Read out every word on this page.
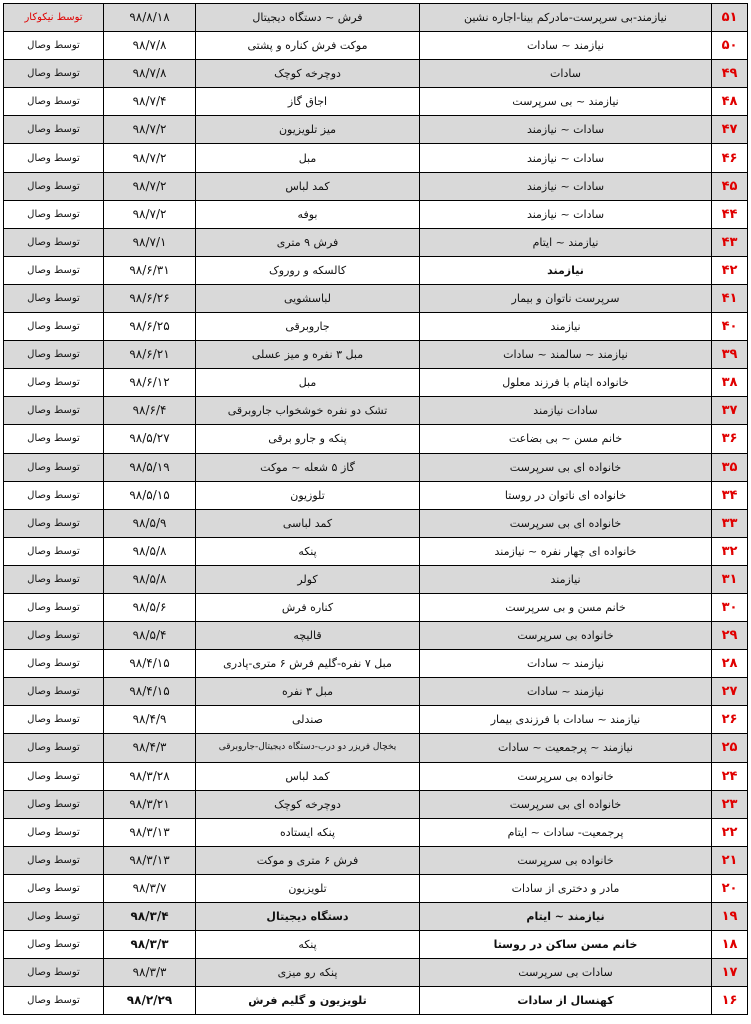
۵۱	نیازمند-بی سرپرست-مادرکم بینا-اجاره نشین	فرش ~ دستگاه دیجیتال	۹۸/۸/۱۸	توسط نیکوکار
۵۰	نیازمند ~ سادات	موکت فرش کناره و پشتی	۹۸/۷/۸	توسط وصال
۴۹	سادات	دوچرخه کوچک	۹۸/۷/۸	توسط وصال
۴۸	نیازمند ~ بی سرپرست	اجاق گاز	۹۸/۷/۴	توسط وصال
۴۷	سادات ~ نیازمند	میز تلویزیون	۹۸/۷/۲	توسط وصال
۴۶	سادات ~ نیازمند	مبل	۹۸/۷/۲	توسط وصال
۴۵	سادات ~ نیازمند	کمد لباس	۹۸/۷/۲	توسط وصال
۴۴	سادات ~ نیازمند	بوفه	۹۸/۷/۲	توسط وصال
۴۳	نیازمند ~ ایتام	فرش ۹ متری	۹۸/۷/۱	توسط وصال
۴۲	نیازمند	کالسکه و روروک	۹۸/۶/۳۱	توسط وصال
۴۱	سرپرست ناتوان و بیمار	لباسشویی	۹۸/۶/۲۶	توسط وصال
۴۰	نیازمند	جاروبرقی	۹۸/۶/۲۵	توسط وصال
۳۹	نیازمند ~ سالمند ~ سادات	مبل ۳ نفره و میز عسلی	۹۸/۶/۲۱	توسط وصال
۳۸	خانواده ایتام با فرزند معلول	مبل	۹۸/۶/۱۲	توسط وصال
۳۷	سادات نیازمند	تشک دو نفره خوشخواب جاروبرقی	۹۸/۶/۴	توسط وصال
۳۶	خانم مسن ~ بی بضاعت	پنکه و جارو برقی	۹۸/۵/۲۷	توسط وصال
۳۵	خانواده ای بی سرپرست	گاز ۵ شعله ~ موکت	۹۸/۵/۱۹	توسط وصال
۳۴	خانواده ای ناتوان در روستا	تلوزیون	۹۸/۵/۱۵	توسط وصال
۳۳	خانواده ای بی سرپرست	کمد لباسی	۹۸/۵/۹	توسط وصال
۳۲	خانواده ای چهار نفره ~ نیازمند	پنکه	۹۸/۵/۸	توسط وصال
۳۱	نیازمند	کولر	۹۸/۵/۸	توسط وصال
۳۰	خانم مسن و بی سرپرست	کناره فرش	۹۸/۵/۶	توسط وصال
۲۹	خانواده بی سرپرست	قالیچه	۹۸/۵/۴	توسط وصال
۲۸	نیازمند ~ سادات	مبل ۷ نفره-گلیم فرش ۶ متری-پادری	۹۸/۴/۱۵	توسط وصال
۲۷	نیازمند ~ سادات	مبل ۳ نفره	۹۸/۴/۱۵	توسط وصال
۲۶	نیازمند ~ سادات با فرزندی بیمار	صندلی	۹۸/۴/۹	توسط وصال
۲۵	نیازمند ~ پرجمعیت ~ سادات	یخچال فریزر دو درب-دستگاه دیجیتال-جاروبرقی	۹۸/۴/۳	توسط وصال
۲۴	خانواده بی سرپرست	کمد لباس	۹۸/۳/۲۸	توسط وصال
۲۳	خانواده ای بی سرپرست	دوچرخه کوچک	۹۸/۳/۲۱	توسط وصال
۲۲	پرجمعیت- سادات ~ ایتام	پنکه ایستاده	۹۸/۳/۱۳	توسط وصال
۲۱	خانواده بی سرپرست	فرش ۶ متری و موکت	۹۸/۳/۱۳	توسط وصال
۲۰	مادر و دختری از سادات	تلویزیون	۹۸/۳/۷	توسط وصال
۱۹	نیازمند ~ ایتام	دستگاه دیجیتال	۹۸/۳/۴	توسط وصال
۱۸	خانم مسن ساکن در روستا	پنکه	۹۸/۳/۳	توسط وصال
۱۷	سادات بی سرپرست	پنکه رو میزی	۹۸/۳/۳	توسط وصال
۱۶	کهنسال از سادات	تلویزیون و گلیم فرش	۹۸/۲/۲۹	توسط وصال
